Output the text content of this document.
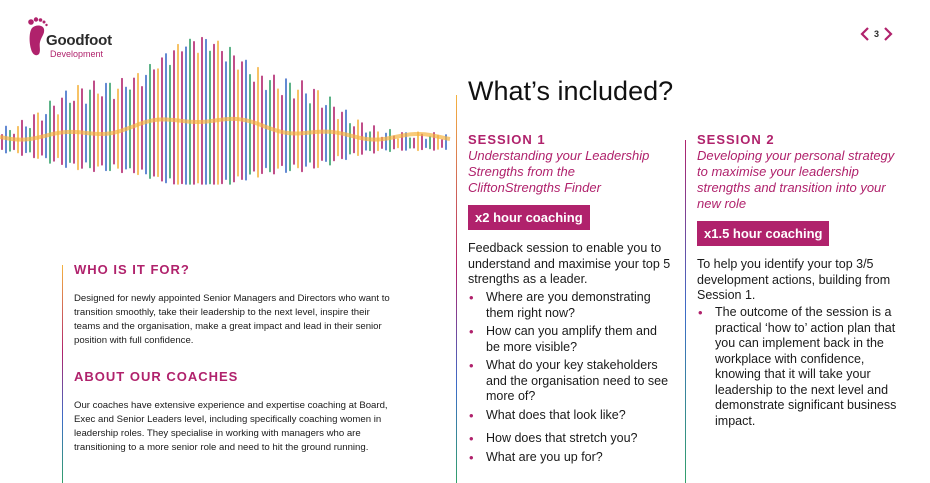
Goodfoot
Development
3
WHO IS IT FOR?
Designed for newly appointed Senior Managers and Directors who want to transition smoothly, take their leadership to the next level, inspire their teams and the organisation, make a great impact and lead in their senior position with full confidence.
ABOUT OUR COACHES
Our coaches have extensive experience and expertise coaching at Board, Exec and Senior Leaders level, including specifically coaching women in leadership roles. They specialise in working with managers who are transitioning to a more senior role and need to hit the ground running.
What’s included?
SESSION 1
Understanding your Leadership Strengths from the CliftonStrengths Finder
x2 hour coaching
Feedback session to enable you to understand and maximise your top 5 strengths as a leader.
• Where are you demonstrating them right now?
• How can you amplify them and be more visible?
• What do your key stakeholders and the organisation need to see more of?
• What does that look like?
• How does that stretch you?
• What are you up for?
SESSION 2
Developing your personal strategy to maximise your leadership strengths and transition into your new role
x1.5 hour coaching
To help you identify your top 3/5 development actions, building from Session 1.
• The outcome of the session is a practical ‘how to’ action plan that you can implement back in the workplace with confidence, knowing that it will take your leadership to the next level and demonstrate significant business impact.
